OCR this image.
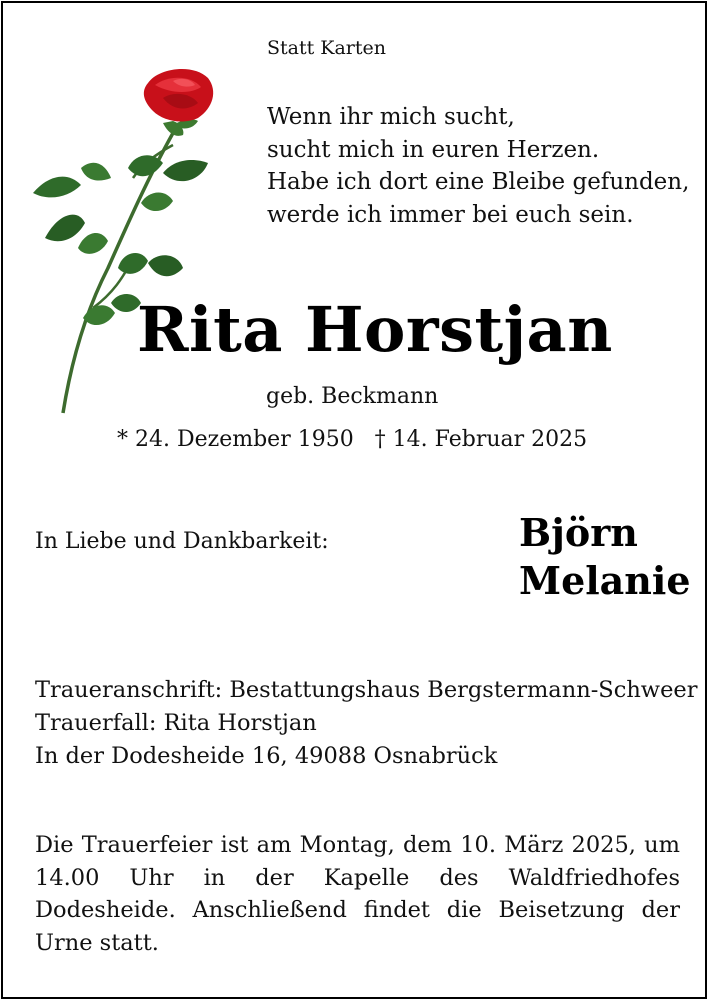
Statt Karten
Wenn ihr mich sucht,
sucht mich in euren Herzen.
Habe ich dort eine Bleibe gefunden,
werde ich immer bei euch sein.
Rita Horstjan
geb. Beckmann
* 24. Dezember 1950   † 14. Februar 2025
In Liebe und Dankbarkeit:	Björn
Melanie
Traueranschrift: Bestattungshaus Bergstermann-Schweer
Trauerfall: Rita Horstjan
In der Dodesheide 16, 49088 Osnabrück
Die Trauerfeier ist am Montag, dem 10. März 2025, um 14.00 Uhr in der Kapelle des Waldfriedhofes Dodesheide. Anschließend findet die Beisetzung der Urne statt.
